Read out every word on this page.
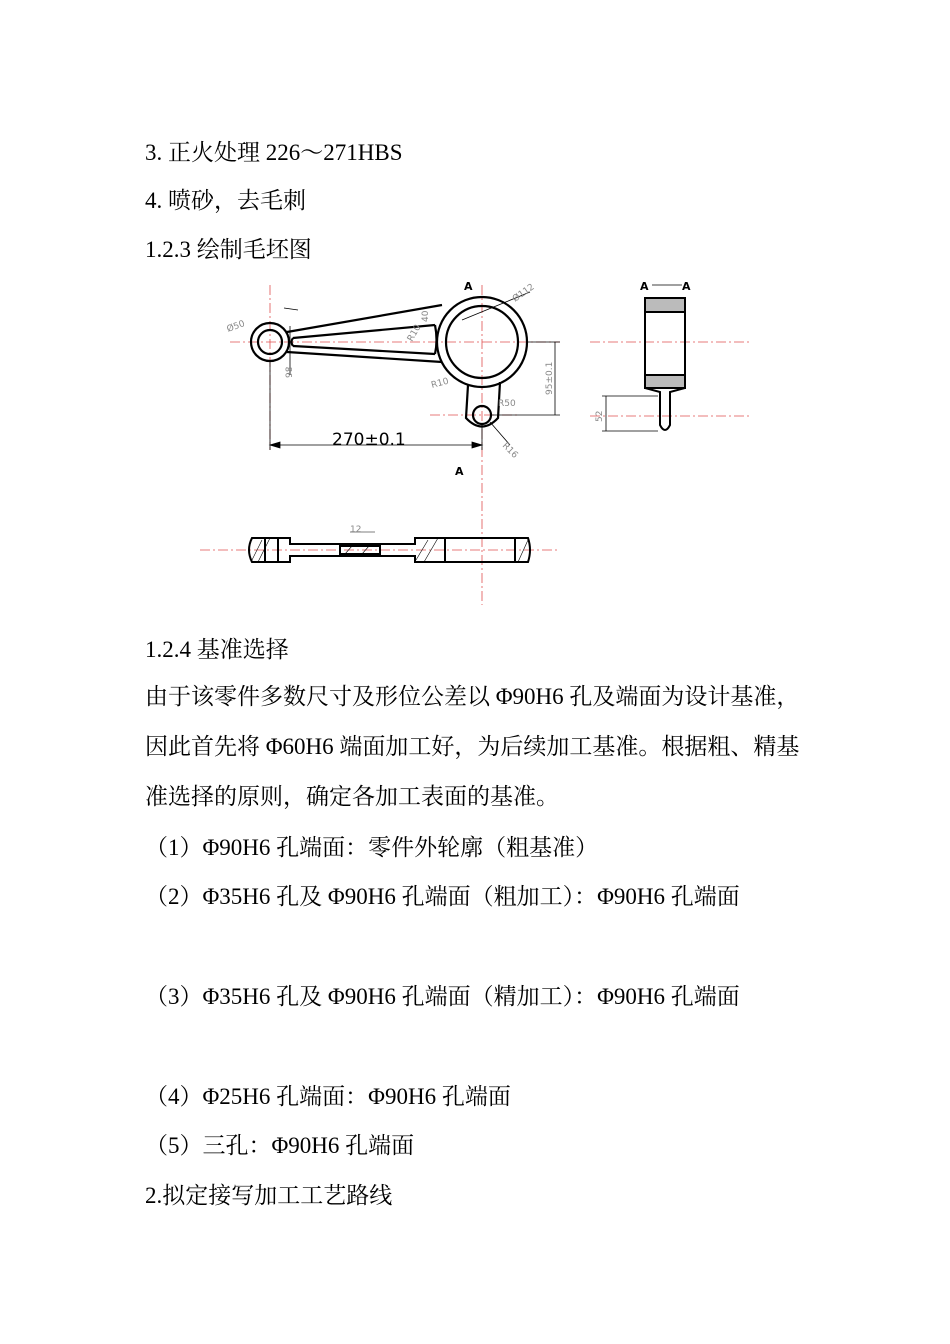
3. 正火处理 226～271HBS
4. 喷砂，去毛刺
1.2.3 绘制毛坯图
Ø50
Ø112
R10
R10
R16
R50
95±0.1
98
40
270±0.1
A
A
A	A
52
12
1.2.4 基准选择
由于该零件多数尺寸及形位公差以 Φ90H6 孔及端面为设计基准，因此首先将 Φ60H6 端面加工好，为后续加工基准。根据粗、精基准选择的原则，确定各加工表面的基准。
（1）Φ90H6 孔端面：零件外轮廓（粗基准）
（2）Φ35H6 孔及 Φ90H6 孔端面（粗加工）：Φ90H6 孔端面
（3）Φ35H6 孔及 Φ90H6 孔端面（精加工）：Φ90H6 孔端面
（4）Φ25H6 孔端面：Φ90H6 孔端面
（5）三孔：Φ90H6 孔端面
2.拟定接写加工工艺路线
